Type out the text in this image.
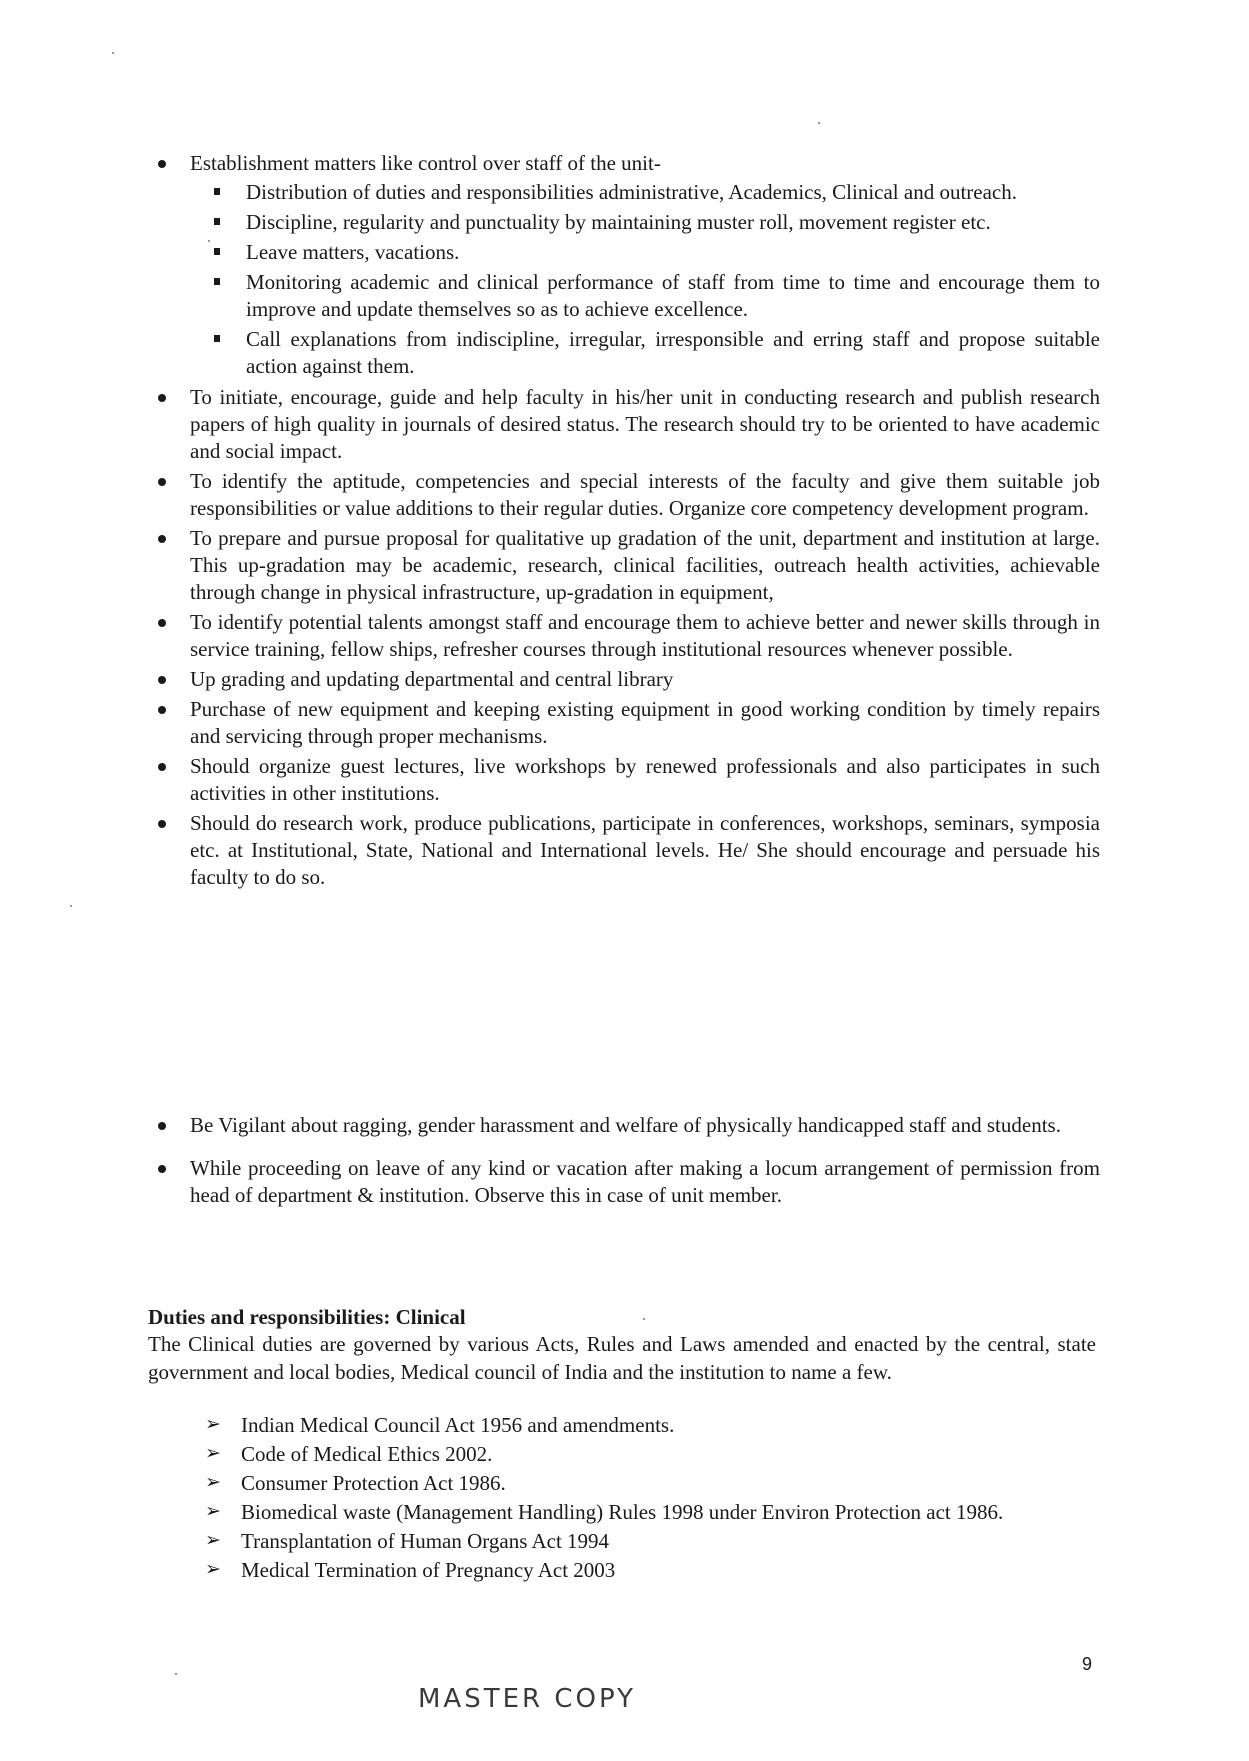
Establishment matters like control over staff of the unit-
Distribution of duties and responsibilities administrative, Academics, Clinical and outreach.
Discipline, regularity and punctuality by maintaining muster roll, movement register etc.
Leave matters, vacations.
Monitoring academic and clinical performance of staff from time to time and encourage them to improve and update themselves so as to achieve excellence.
Call explanations from indiscipline, irregular, irresponsible and erring staff and propose suitable action against them.
To initiate, encourage, guide and help faculty in his/her unit in conducting research and publish research papers of high quality in journals of desired status. The research should try to be oriented to have academic and social impact.
To identify the aptitude, competencies and special interests of the faculty and give them suitable job responsibilities or value additions to their regular duties. Organize core competency development program.
To prepare and pursue proposal for qualitative up gradation of the unit, department and institution at large. This up-gradation may be academic, research, clinical facilities, outreach health activities, achievable through change in physical infrastructure, up-gradation in equipment,
To identify potential talents amongst staff and encourage them to achieve better and newer skills through in service training, fellow ships, refresher courses through institutional resources whenever possible.
Up grading and updating departmental and central library
Purchase of new equipment and keeping existing equipment in good working condition by timely repairs and servicing through proper mechanisms.
Should organize guest lectures, live workshops by renewed professionals and also participates in such activities in other institutions.
Should do research work, produce publications, participate in conferences, workshops, seminars, symposia etc. at Institutional, State, National and International levels. He/ She should encourage and persuade his faculty to do so.
Be Vigilant about ragging, gender harassment and welfare of physically handicapped staff and students.
While proceeding on leave of any kind or vacation after making a locum arrangement of permission from head of department & institution. Observe this in case of unit member.
Duties and responsibilities: Clinical
The Clinical duties are governed by various Acts, Rules and Laws amended and enacted by the central, state government and local bodies, Medical council of India and the institution to name a few.
➢ Indian Medical Council Act 1956 and amendments.
➢ Code of Medical Ethics 2002.
➢ Consumer Protection Act 1986.
➢ Biomedical waste (Management Handling) Rules 1998 under Environ Protection act 1986.
➢ Transplantation of Human Organs Act 1994
➢ Medical Termination of Pregnancy Act 2003
9
MASTER COPY
